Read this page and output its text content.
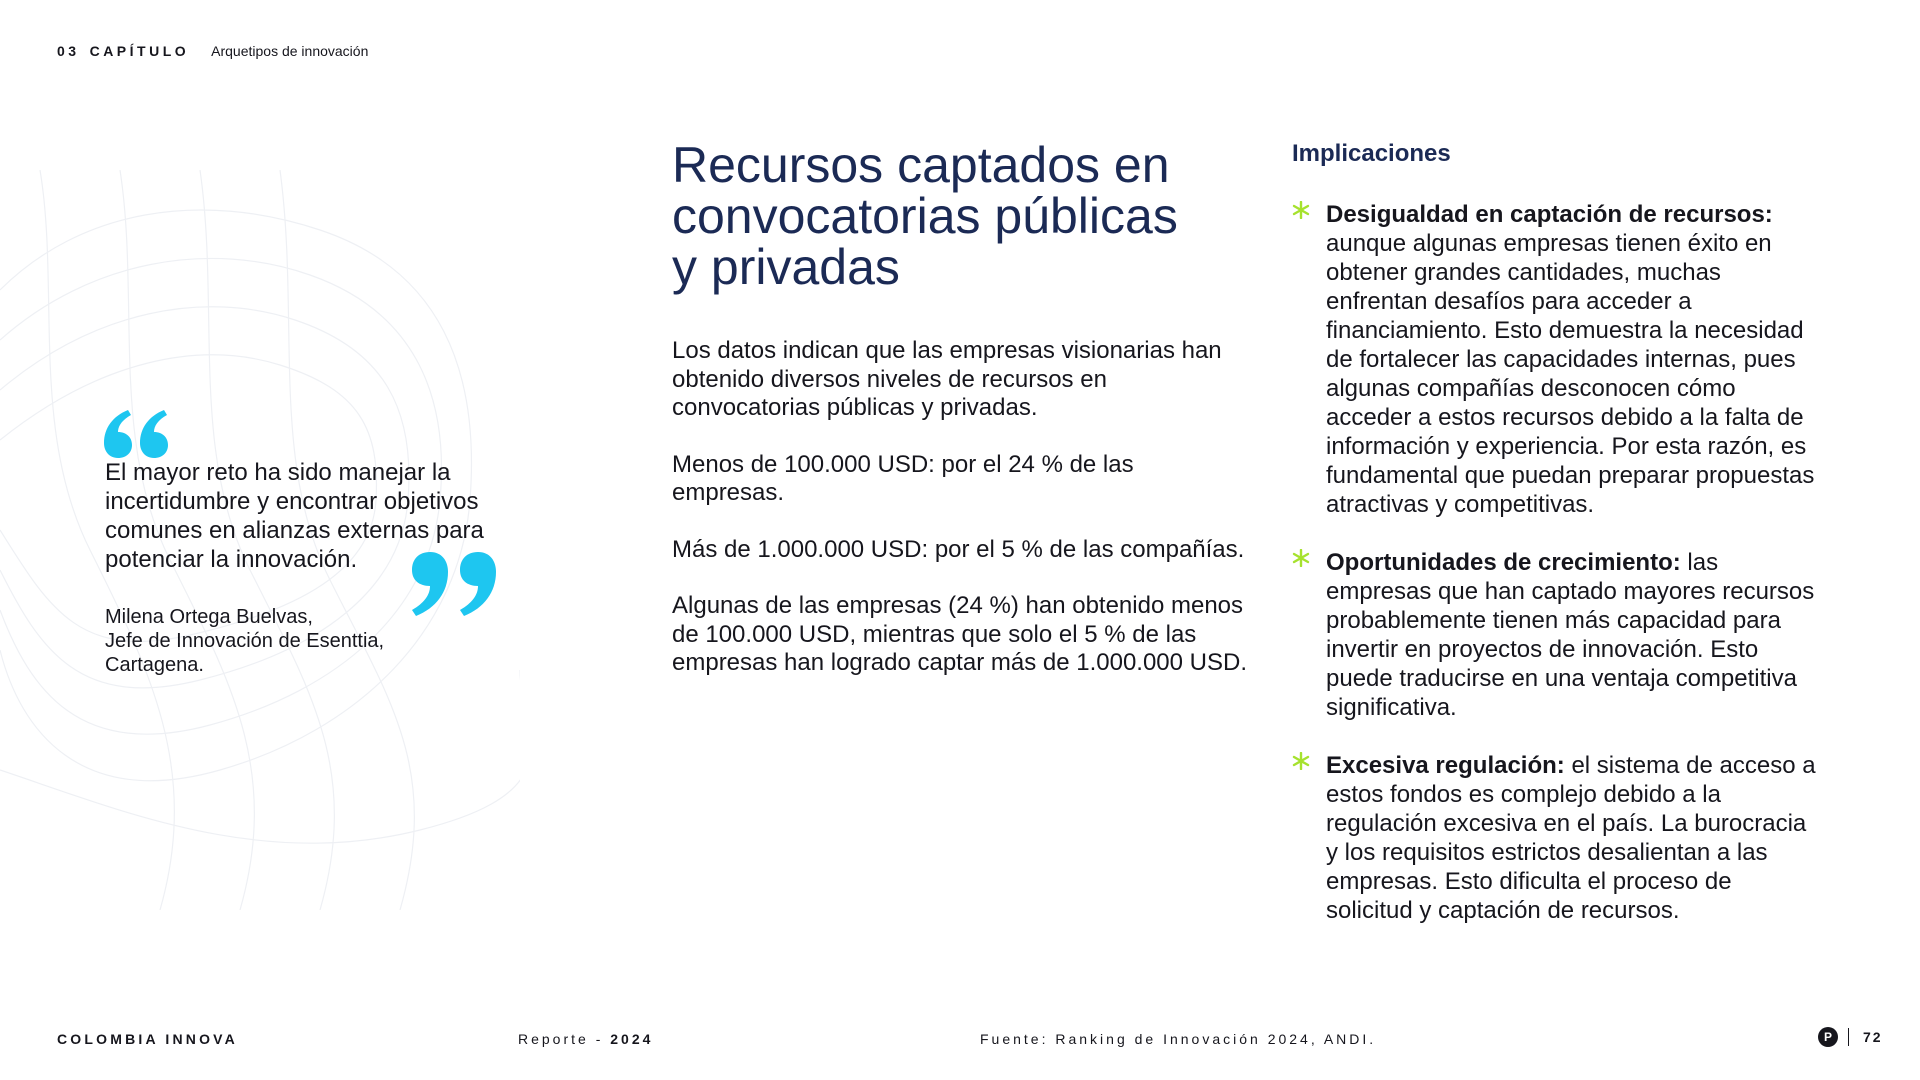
03 CAPÍTULO Arquetipos de innovación
El mayor reto ha sido manejar la incertidumbre y encontrar objetivos comunes en alianzas externas para potenciar la innovación.
Milena Ortega Buelvas,
Jefe de Innovación de Esenttia,
Cartagena.
Recursos captados en
convocatorias públicas
y privadas

Los datos indican que las empresas visionarias han obtenido diversos niveles de recursos en convocatorias públicas y privadas.

Menos de 100.000 USD: por el 24 % de las empresas.

Más de 1.000.000 USD: por el 5 % de las compañías.

Algunas de las empresas (24 %) han obtenido menos de 100.000 USD, mientras que solo el 5 % de las empresas han logrado captar más de 1.000.000 USD.

Implicaciones
Desigualdad en captación de recursos: aunque algunas empresas tienen éxito en obtener grandes cantidades, muchas enfrentan desafíos para acceder a financiamiento. Esto demuestra la necesidad de fortalecer las capacidades internas, pues algunas compañías desconocen cómo acceder a estos recursos debido a la falta de información y experiencia. Por esta razón, es fundamental que puedan preparar propuestas atractivas y competitivas.
Oportunidades de crecimiento: las empresas que han captado mayores recursos probablemente tienen más capacidad para invertir en proyectos de innovación. Esto puede traducirse en una ventaja competitiva significativa.
Excesiva regulación: el sistema de acceso a estos fondos es complejo debido a la regulación excesiva en el país. La burocracia y los requisitos estrictos desalientan a las empresas. Esto dificulta el proceso de solicitud y captación de recursos.
COLOMBIA INNOVA	Reporte - 2024	Fuente: Ranking de Innovación 2024, ANDI.	P	72
